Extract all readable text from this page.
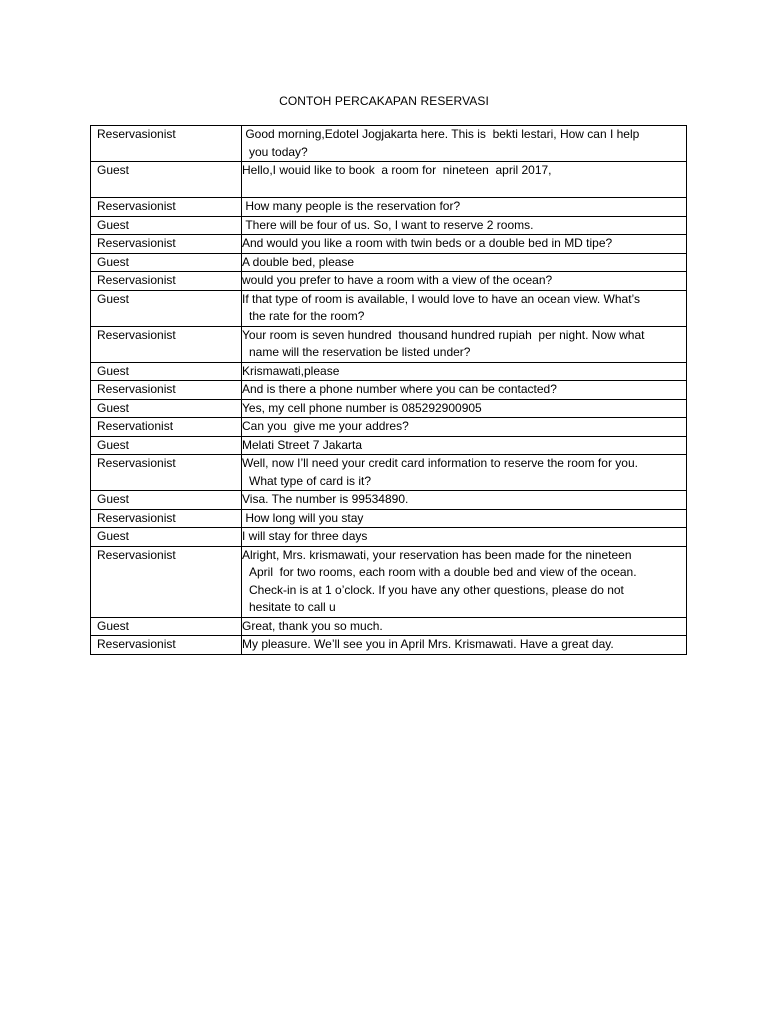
CONTOH PERCAKAPAN RESERVASI
Reservasionist	Good morning,Edotel Jogjakarta here. This is  bekti lestari, How can I help
you today?

Guest	Hello,I wouid like to book  a room for  nineteen  april 2017,

Reservasionist	How many people is the reservation for?

Guest	There will be four of us. So, I want to reserve 2 rooms.

Reservasionist	And would you like a room with twin beds or a double bed in MD tipe?

Guest	A double bed, please

Reservasionist	would you prefer to have a room with a view of the ocean?

Guest	If that type of room is available, I would love to have an ocean view. What’s
the rate for the room?

Reservasionist	Your room is seven hundred  thousand hundred rupiah  per night. Now what
name will the reservation be listed under?

Guest	Krismawati,please

Reservasionist	And is there a phone number where you can be contacted?

Guest	Yes, my cell phone number is 085292900905

Reservationist	Can you  give me your addres?

Guest	Melati Street 7 Jakarta

Reservasionist	Well, now I’ll need your credit card information to reserve the room for you.
What type of card is it?

Guest	Visa. The number is 99534890.

Reservasionist	How long will you stay

Guest	I will stay for three days

Reservasionist	Alright, Mrs. krismawati, your reservation has been made for the nineteen
April  for two rooms, each room with a double bed and view of the ocean.
Check-in is at 1 o’clock. If you have any other questions, please do not
hesitate to call u

Guest	Great, thank you so much.

Reservasionist	My pleasure. We’ll see you in April Mrs. Krismawati. Have a great day.
